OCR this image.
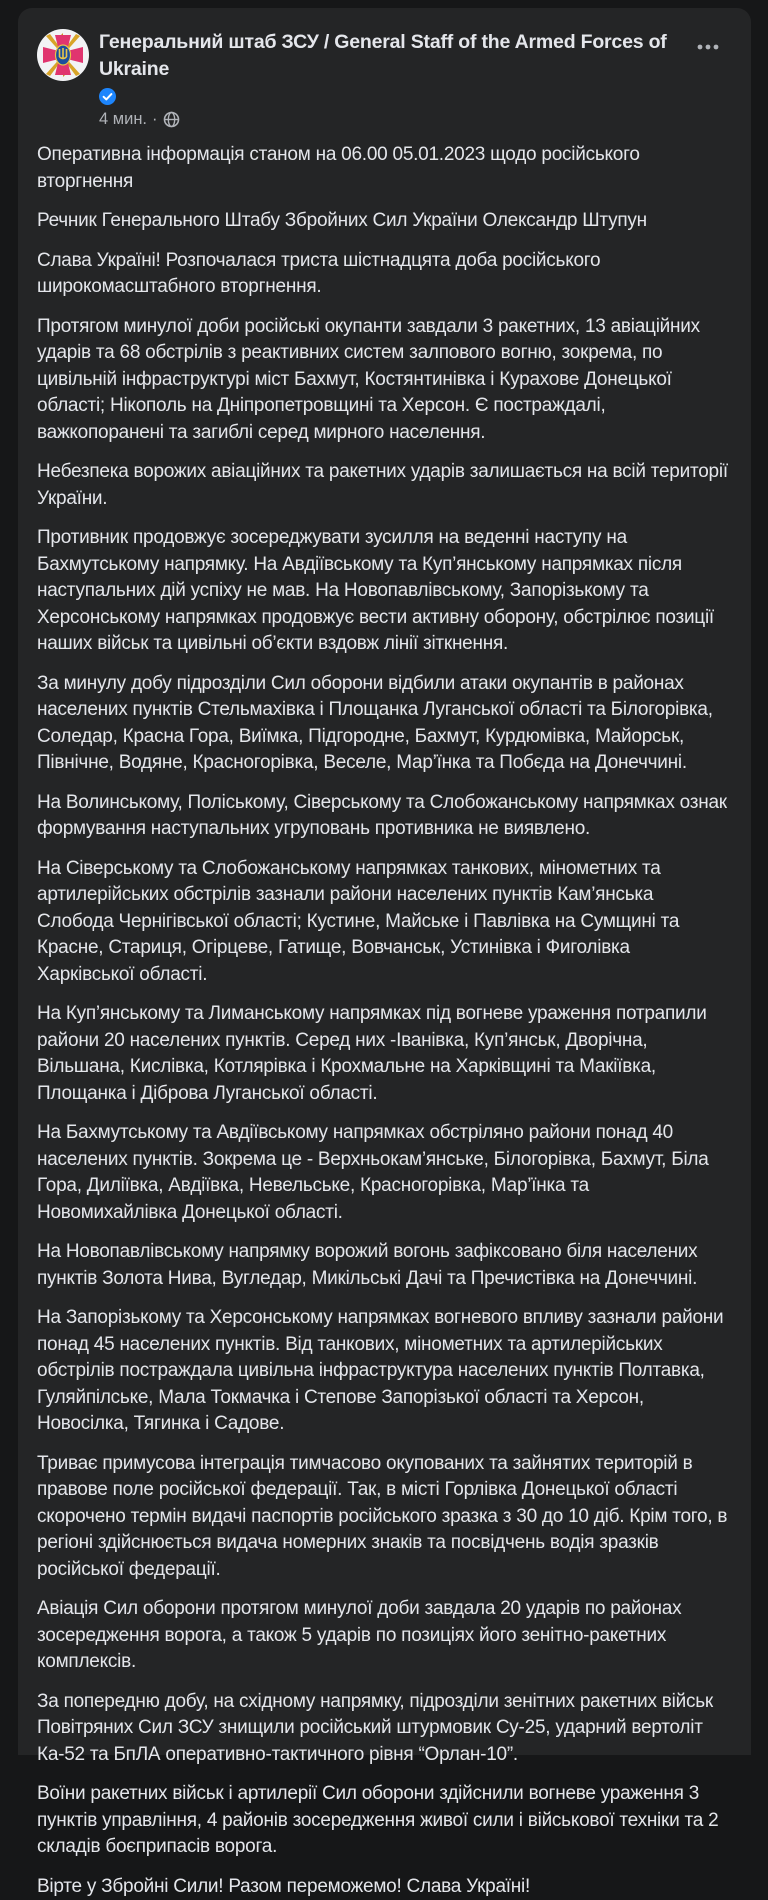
Генеральний штаб ЗСУ / General Staff of the Armed Forces of Ukraine
4 мин. ·

Оперативна інформація станом на 06.00 05.01.2023 щодо російського вторгнення

Речник Генерального Штабу Збройних Сил України Олександр Штупун

Слава Україні! Розпочалася триста шістнадцята доба російського широкомасштабного вторгнення.

Протягом минулої доби російські окупанти завдали 3 ракетних, 13 авіаційних ударів та 68 обстрілів з реактивних систем залпового вогню, зокрема, по цивільній інфраструктурі міст Бахмут, Костянтинівка і Курахове Донецької області; Нікополь на Дніпропетровщині та Херсон. Є постраждалі, важкопоранені та загиблі серед мирного населення.

Небезпека ворожих авіаційних та ракетних ударів залишається на всій території України.

Противник продовжує зосереджувати зусилля на веденні наступу на Бахмутському напрямку. На Авдіївському та Куп’янському напрямках після наступальних дій успіху не мав. На Новопавлівському, Запорізькому та Херсонському напрямках продовжує вести активну оборону, обстрілює позиції наших військ та цивільні об’єкти вздовж лінії зіткнення.

За минулу добу підрозділи Сил оборони відбили атаки окупантів в районах населених пунктів Стельмахівка і Площанка Луганської області та Білогорівка, Соледар, Красна Гора, Виїмка, Підгородне, Бахмут, Курдюмівка, Майорськ, Північне, Водяне, Красногорівка, Веселе, Мар’їнка та Побєда на Донеччині.

На Волинському, Поліському, Сіверському та Слобожанському напрямках ознак формування наступальних угруповань противника не виявлено.

На Сіверському та Слобожанському напрямках танкових, мінометних та артилерійських обстрілів зазнали райони населених пунктів Кам’янська Слобода Чернігівської області; Кустине, Майське і Павлівка на Сумщині та Красне, Стариця, Огірцеве, Гатище, Вовчанськ, Устинівка і Фиголівка Харківської області.

На Куп’янському та Лиманському напрямках під вогневе ураження потрапили райони 20 населених пунктів. Серед них -Іванівка, Куп’янськ, Дворічна, Вільшана, Кислівка, Котлярівка і Крохмальне на Харківщині та Макіївка, Площанка і Діброва Луганської області.

На Бахмутському та Авдіївському напрямках обстріляно райони понад 40 населених пунктів. Зокрема це - Верхньокам’янське, Білогорівка, Бахмут, Біла Гора, Диліївка, Авдіївка, Невельське, Красногорівка, Мар’їнка та Новомихайлівка Донецької області.

На Новопавлівському напрямку ворожий вогонь зафіксовано біля населених пунктів Золота Нива, Вугледар, Микільські Дачі та Пречистівка на Донеччині.

На Запорізькому та Херсонському напрямках вогневого впливу зазнали райони понад 45 населених пунктів. Від танкових, мінометних та артилерійських обстрілів постраждала цивільна інфраструктура населених пунктів Полтавка, Гуляйпілське, Мала Токмачка і Степове Запорізької області та Херсон, Новосілка, Тягинка і Садове.

Триває примусова інтеграція тимчасово окупованих та зайнятих територій в правове поле російської федерації. Так, в місті Горлівка Донецької області скорочено термін видачі паспортів російського зразка з 30 до 10 діб. Крім того, в регіоні здійснюється видача номерних знаків та посвідчень водія зразків російської федерації.

Авіація Сил оборони протягом минулої доби завдала 20 ударів по районах зосередження ворога, а також 5 ударів по позиціях його зенітно-ракетних комплексів.

За попередню добу, на східному напрямку, підрозділи зенітних ракетних військ Повітряних Сил ЗСУ знищили російський штурмовик Су-25, ударний вертоліт Ка-52 та БпЛА оперативно-тактичного рівня “Орлан-10”.

Воїни ракетних військ і артилерії Сил оборони здійснили вогневе ураження 3 пунктів управління, 4 районів зосередження живої сили і військової техніки та 2 складів боєприпасів ворога.

Вірте у Збройні Сили! Разом переможемо! Слава Україні!
